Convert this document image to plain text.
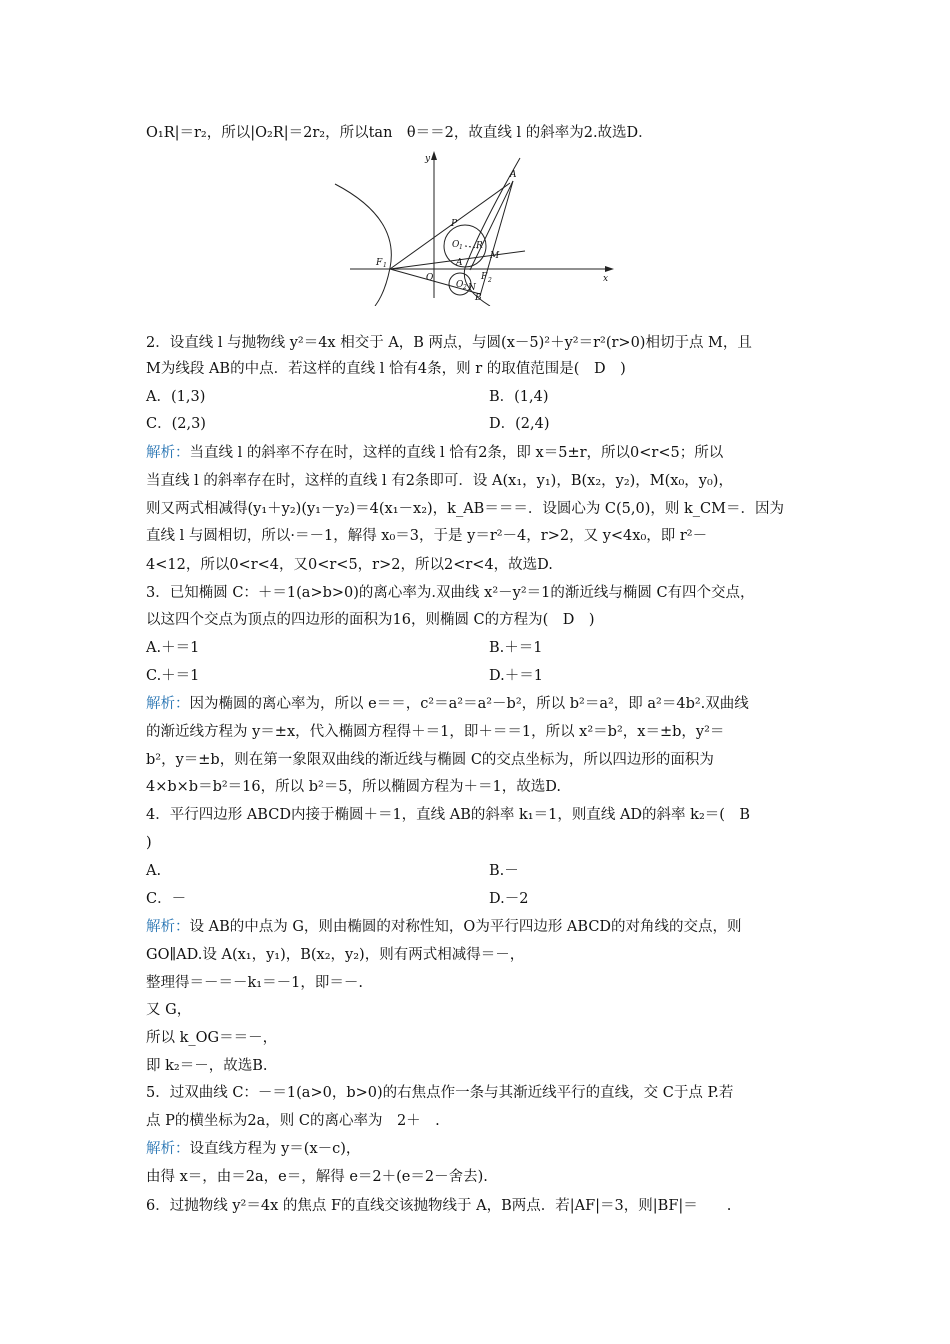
O₁R|＝r₂，所以|O₂R|＝2r₂，所以tan　θ＝＝2，故直线 l 的斜率为2.故选D．
y
x
A
P
O 1 R
M
A
F 1
O	F 2
O 2 N
B
2．设直线 l 与抛物线 y²＝4x 相交于 A，B 两点，与圆(x－5)²＋y²＝r²(r>0)相切于点 M，且
M为线段 AB的中点．若这样的直线 l 恰有4条，则 r 的取值范围是(　D　)
A．(1,3)	B．(1,4)
C．(2,3)	D．(2,4)
解析：当直线 l 的斜率不存在时，这样的直线 l 恰有2条，即 x＝5±r，所以0<r<5；所以
当直线 l 的斜率存在时，这样的直线 l 有2条即可．设 A(x₁，y₁)，B(x₂，y₂)，M(x₀，y₀)，
则又两式相减得(y₁＋y₂)(y₁－y₂)＝4(x₁－x₂)，k_AB＝＝＝．设圆心为 C(5,0)，则 k_CM＝．因为
直线 l 与圆相切，所以·＝－1，解得 x₀＝3，于是 y＝r²－4，r>2，又 y<4x₀，即 r²－
4<12，所以0<r<4，又0<r<5，r>2，所以2<r<4，故选D.
3．已知椭圆 C：＋＝1(a>b>0)的离心率为.双曲线 x²－y²＝1的渐近线与椭圆 C有四个交点，
以这四个交点为顶点的四边形的面积为16，则椭圆 C的方程为(　D　)
A.＋＝1	B.＋＝1
C.＋＝1	D.＋＝1
解析：因为椭圆的离心率为，所以 e＝＝，c²＝a²＝a²－b²，所以 b²＝a²，即 a²＝4b².双曲线
的渐近线方程为 y＝±x，代入椭圆方程得＋＝1，即＋＝＝1，所以 x²＝b²，x＝±b，y²＝
b²，y＝±b，则在第一象限双曲线的渐近线与椭圆 C的交点坐标为，所以四边形的面积为
4×b×b＝b²＝16，所以 b²＝5，所以椭圆方程为＋＝1，故选D.
4．平行四边形 ABCD内接于椭圆＋＝1，直线 AB的斜率 k₁＝1，则直线 AD的斜率 k₂＝(　B
)
A.	B.－
C．－	D.－2
解析：设 AB的中点为 G，则由椭圆的对称性知，O为平行四边形 ABCD的对角线的交点，则
GO∥AD.设 A(x₁，y₁)，B(x₂，y₂)，则有两式相减得＝－，
整理得＝－＝－k₁＝－1，即＝－.
又 G，
所以 k_OG＝＝－，
即 k₂＝－，故选B.
5．过双曲线 C：－＝1(a>0，b>0)的右焦点作一条与其渐近线平行的直线，交 C于点 P.若
点 P的横坐标为2a，则 C的离心率为　2＋　.
解析：设直线方程为 y＝(x－c)，
由得 x＝，由＝2a，e＝，解得 e＝2＋(e＝2－舍去).
6．过抛物线 y²＝4x 的焦点 F的直线交该抛物线于 A，B两点．若|AF|＝3，则|BF|＝　　.
